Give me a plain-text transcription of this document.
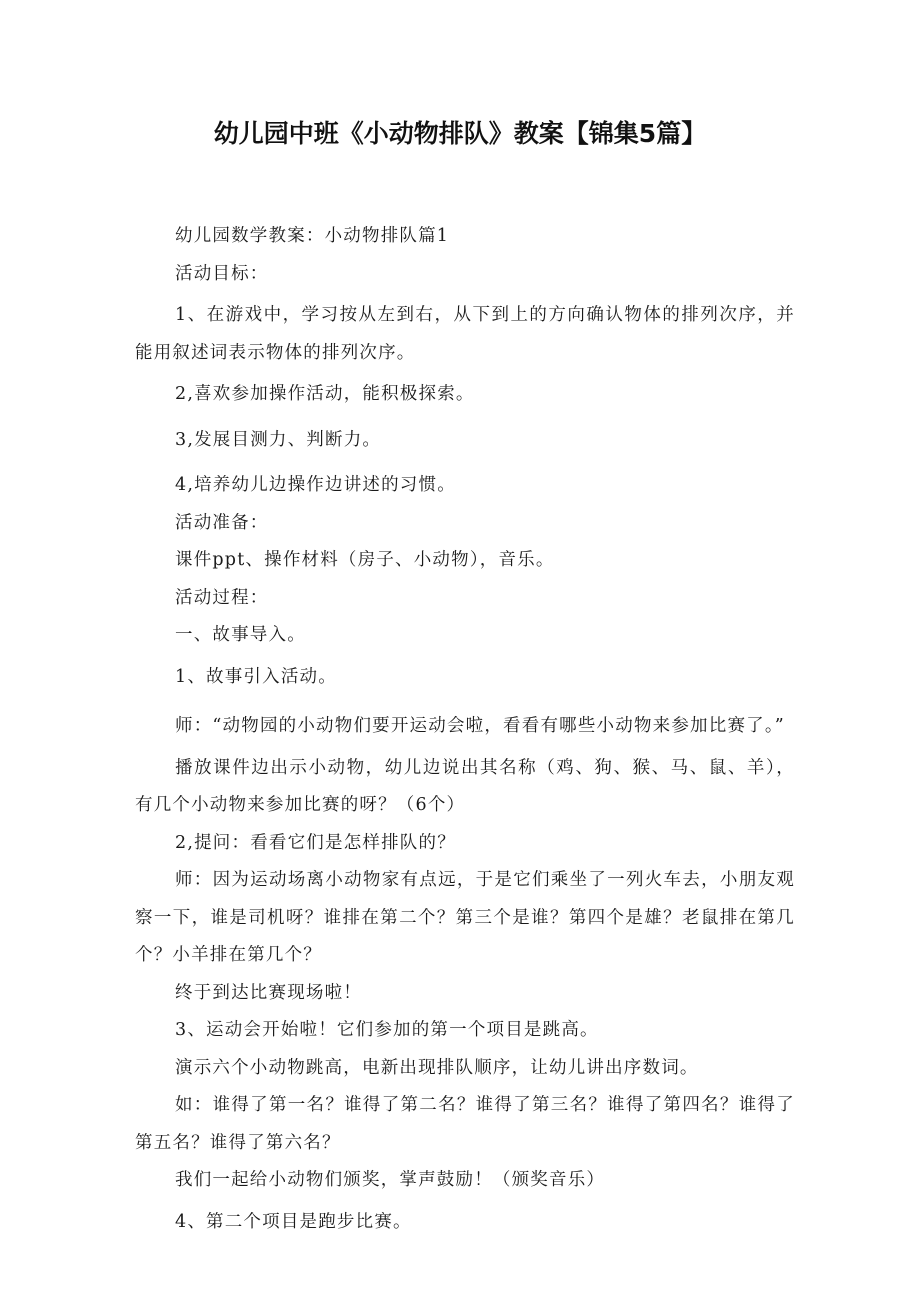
幼儿园中班《小动物排队》教案【锦集5篇】

幼儿园数学教案：小动物排队篇1

活动目标：

1、在游戏中，学习按从左到右，从下到上的方向确认物体的排列次序，并能用叙述词表示物体的排列次序。

2,喜欢参加操作活动，能积极探索。

3,发展目测力、判断力。

4,培养幼儿边操作边讲述的习惯。

活动准备：

课件ppt、操作材料（房子、小动物），音乐。

活动过程：

一、故事导入。

1、故事引入活动。

师：“动物园的小动物们要开运动会啦，看看有哪些小动物来参加比赛了。”

播放课件边出示小动物，幼儿边说出其名称（鸡、狗、猴、马、鼠、羊），有几个小动物来参加比赛的呀？（6个）

2,提问：看看它们是怎样排队的？

师：因为运动场离小动物家有点远，于是它们乘坐了一列火车去，小朋友观察一下，谁是司机呀？谁排在第二个？第三个是谁？第四个是雄？老鼠排在第几个？小羊排在第几个？

终于到达比赛现场啦！

3、运动会开始啦！它们参加的第一个项目是跳高。

演示六个小动物跳高，电新出现排队顺序，让幼儿讲出序数词。

如：谁得了第一名？谁得了第二名？谁得了第三名？谁得了第四名？谁得了第五名？谁得了第六名？

我们一起给小动物们颁奖，掌声鼓励！（颁奖音乐）

4、第二个项目是跑步比赛。
